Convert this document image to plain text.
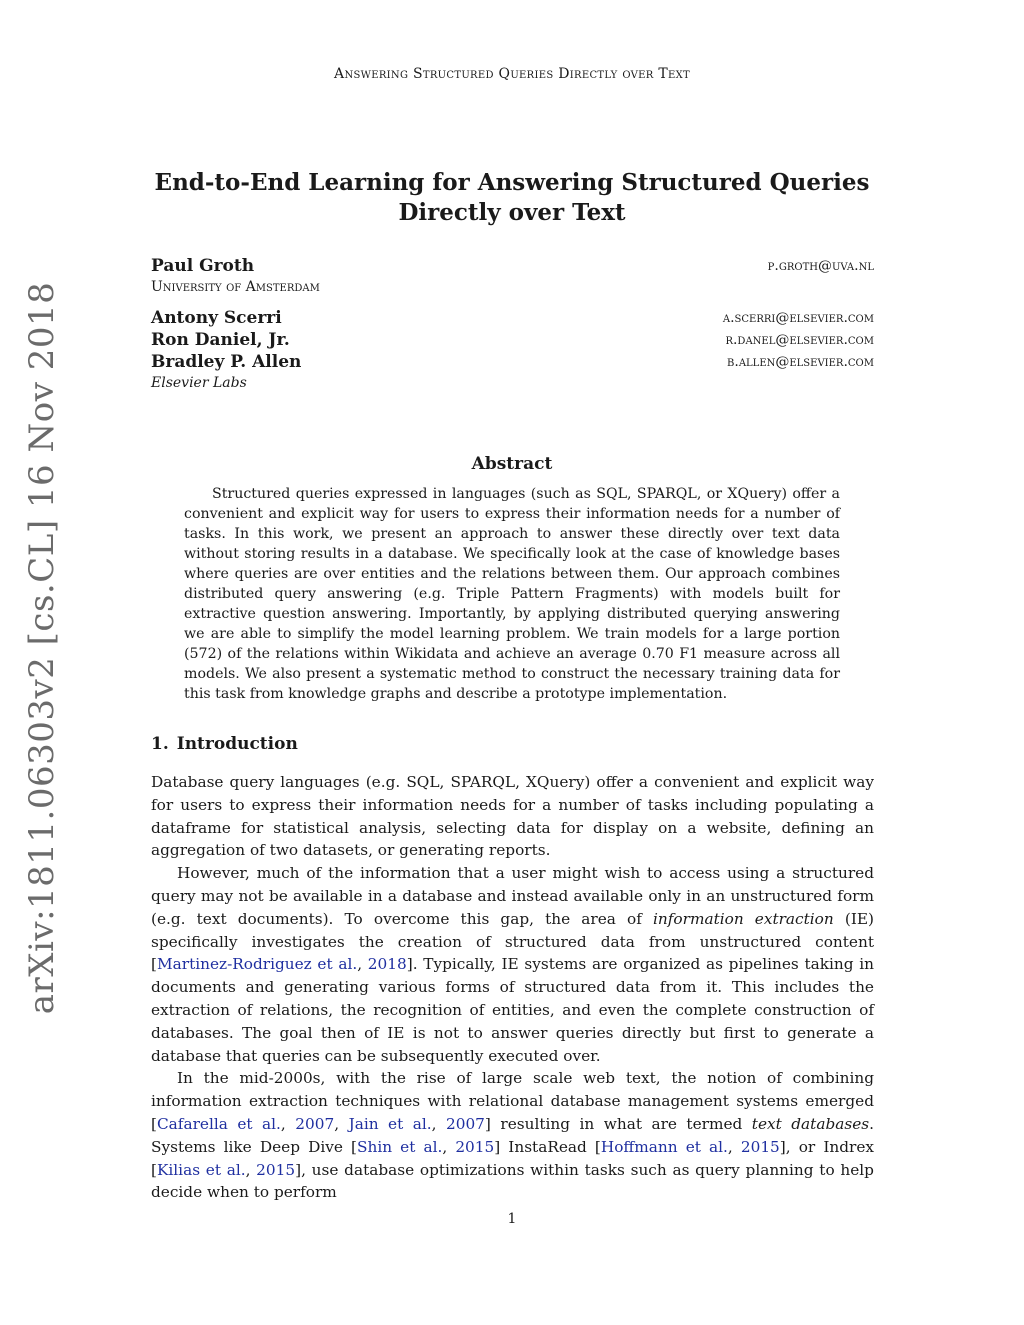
Answering Structured Queries Directly over Text
arXiv:1811.06303v2 [cs.CL] 16 Nov 2018
End-to-End Learning for Answering Structured Queries
Directly over Text
Paul Groth	p.groth@uva.nl
University of Amsterdam
Antony Scerri	a.scerri@elsevier.com
Ron Daniel, Jr.	r.danel@elsevier.com
Bradley P. Allen	b.allen@elsevier.com
Elsevier Labs
Abstract
Structured queries expressed in languages (such as SQL, SPARQL, or XQuery) offer a convenient and explicit way for users to express their information needs for a number of tasks. In this work, we present an approach to answer these directly over text data without storing results in a database. We specifically look at the case of knowledge bases where queries are over entities and the relations between them. Our approach combines distributed query answering (e.g. Triple Pattern Fragments) with models built for extractive question answering. Importantly, by applying distributed querying answering we are able to simplify the model learning problem. We train models for a large portion (572) of the relations within Wikidata and achieve an average 0.70 F1 measure across all models. We also present a systematic method to construct the necessary training data for this task from knowledge graphs and describe a prototype implementation.
1. Introduction

Database query languages (e.g. SQL, SPARQL, XQuery) offer a convenient and explicit way for users to express their information needs for a number of tasks including populating a dataframe for statistical analysis, selecting data for display on a website, defining an aggregation of two datasets, or generating reports.

However, much of the information that a user might wish to access using a structured query may not be available in a database and instead available only in an unstructured form (e.g. text documents). To overcome this gap, the area of information extraction (IE) specifically investigates the creation of structured data from unstructured content [Martinez-Rodriguez et al., 2018]. Typically, IE systems are organized as pipelines taking in documents and generating various forms of structured data from it. This includes the extraction of relations, the recognition of entities, and even the complete construction of databases. The goal then of IE is not to answer queries directly but first to generate a database that queries can be subsequently executed over.

In the mid-2000s, with the rise of large scale web text, the notion of combining information extraction techniques with relational database management systems emerged [Cafarella et al., 2007, Jain et al., 2007] resulting in what are termed text databases. Systems like Deep Dive [Shin et al., 2015] InstaRead [Hoffmann et al., 2015], or Indrex [Kilias et al., 2015], use database optimizations within tasks such as query planning to help decide when to perform

1
